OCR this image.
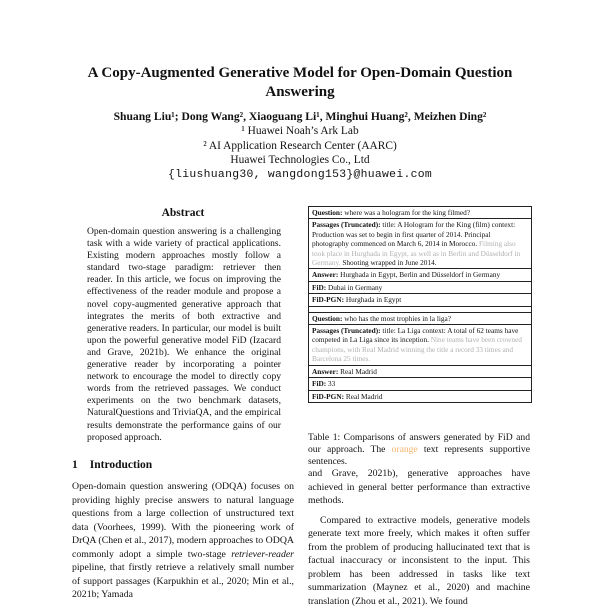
A Copy-Augmented Generative Model for Open-Domain Question
Answering
Shuang Liu¹; Dong Wang², Xiaoguang Li¹, Minghui Huang², Meizhen Ding²
¹ Huawei Noah’s Ark Lab
² AI Application Research Center (AARC)
Huawei Technologies Co., Ltd
{liushuang30, wangdong153}@huawei.com
Abstract

Open-domain question answering is a challenging task with a wide variety of practical applications. Existing modern approaches mostly follow a standard two-stage paradigm: retriever then reader. In this article, we focus on improving the effectiveness of the reader module and propose a novel copy-augmented generative approach that integrates the merits of both extractive and generative readers. In particular, our model is built upon the powerful generative model FiD (Izacard and Grave, 2021b). We enhance the original generative reader by incorporating a pointer network to encourage the model to directly copy words from the retrieved passages. We conduct experiments on the two benchmark datasets, NaturalQuestions and TriviaQA, and the empirical results demonstrate the performance gains of our proposed approach.

1 Introduction

Open-domain question answering (ODQA) focuses on providing highly precise answers to natural language questions from a large collection of unstructured text data (Voorhees, 1999). With the pioneering work of DrQA (Chen et al., 2017), modern approaches to ODQA commonly adopt a simple two-stage retriever-reader pipeline, that firstly retrieve a relatively small number of support passages (Karpukhin et al., 2020; Min et al., 2021b; Yamada

Question: where was a hologram for the king filmed?
Passages (Truncated): title: A Hologram for the King (film) context: Production was set to begin in first quarter of 2014. Principal photography commenced on March 6, 2014 in Morocco. Filming also took place in Hurghada in Egypt, as well as in Berlin and Düsseldorf in Germany. Shooting wrapped in June 2014.
Answer: Hurghada in Egypt, Berlin and Düsseldorf in Germany
FiD: Dubai in Germany
FiD-PGN: Hurghada in Egypt
Question: who has the most trophies in la liga?
Passages (Truncated): title: La Liga context: A total of 62 teams have competed in La Liga since its inception. Nine teams have been crowned champions, with Real Madrid winning the title a record 33 times and Barcelona 25 times.
Answer: Real Madrid
FiD: 33
FiD-PGN: Real Madrid
Table 1: Comparisons of answers generated by FiD and our approach. The orange text represents supportive sentences.

and Grave, 2021b), generative approaches have achieved in general better performance than extractive methods.

Compared to extractive models, generative models generate text more freely, which makes it often suffer from the problem of producing hallucinated text that is factual inaccuracy or inconsistent to the input. This problem has been addressed in tasks like text summarization (Maynez et al., 2020) and machine translation (Zhou et al., 2021). We found
